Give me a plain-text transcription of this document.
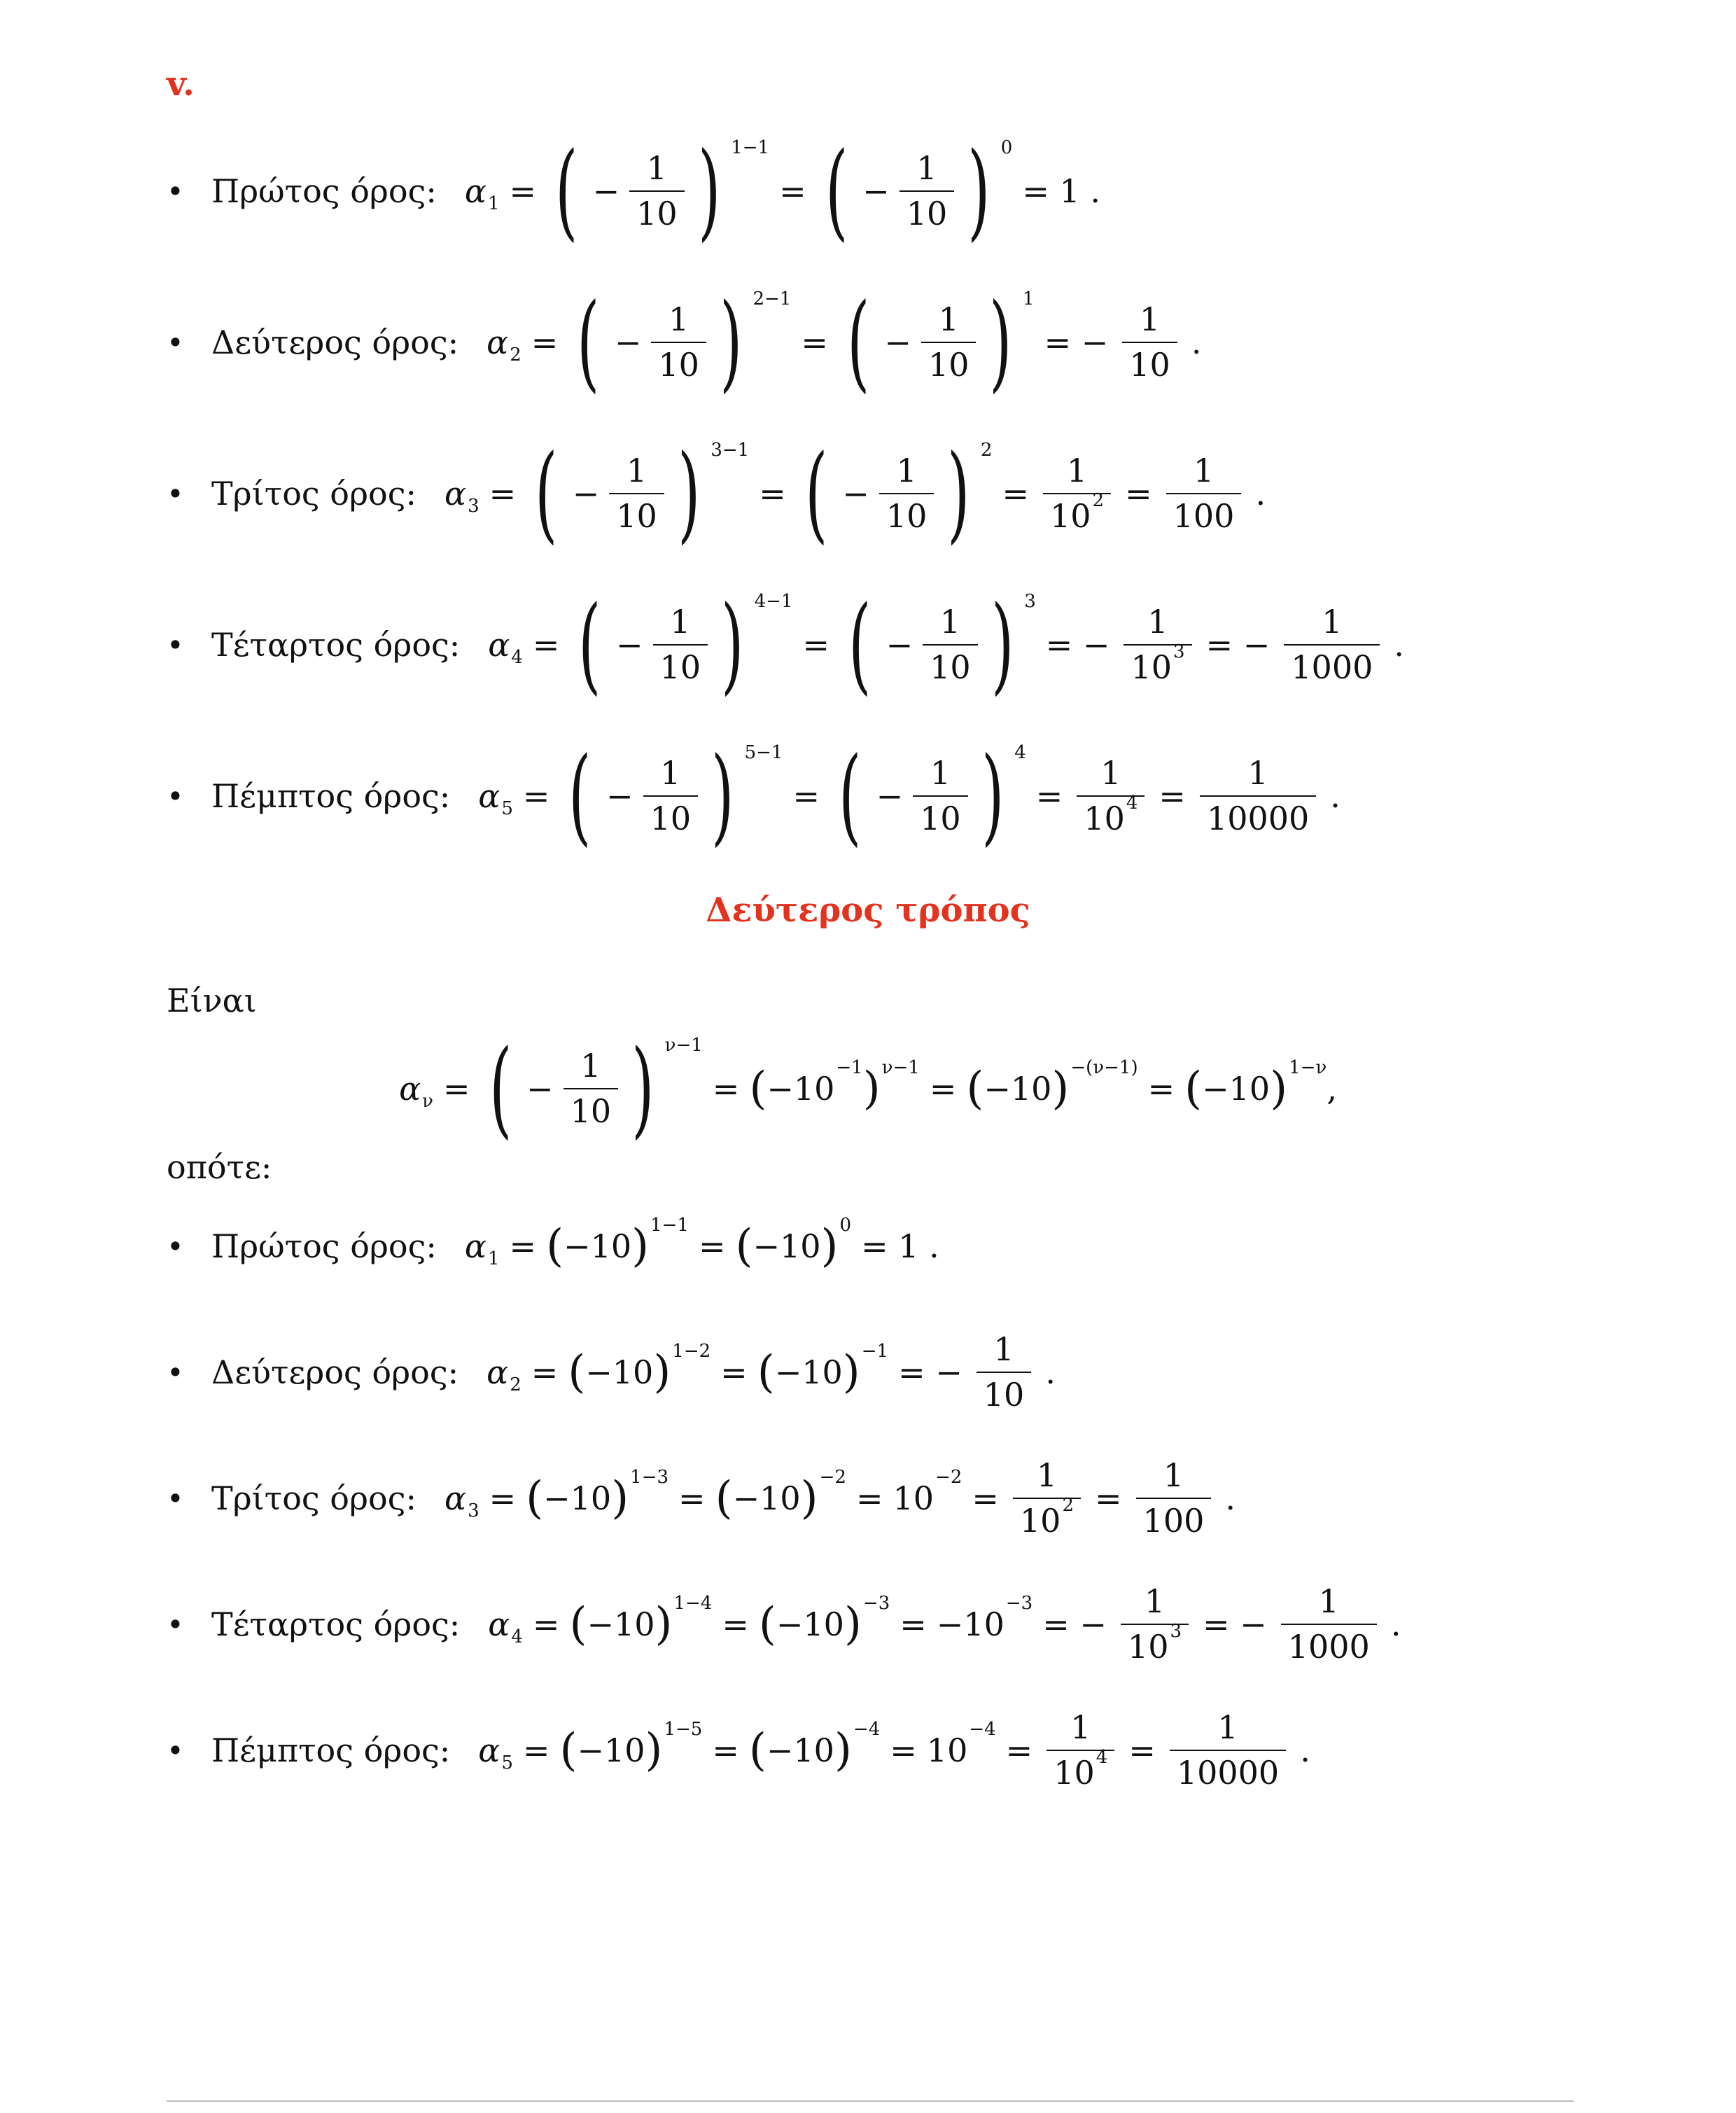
v.
• Πρώτος όρος: α 1 = ( − $\frac{1}{10}$ ) 1−1
= ( − $\frac{1}{10}$ ) 0
= 1 .
• Δεύτερος όρος: α 2 = ( − $\frac{1}{10}$ ) 2−1
= ( − $\frac{1}{10}$ ) 1
= − $\frac{1}{10}$ .
• Τρίτος όρος: α 3 = ( − $\frac{1}{10}$ ) 3−1
= ( − $\frac{1}{10}$ ) 2
= $\frac{1}{10^2} = \frac{1}{100}$ .
• Τέταρτος όρος: α 4 = ( − $\frac{1}{10}$ ) 4−1
= ( − $\frac{1}{10}$ ) 3
= − $\frac{1}{10^3}$ = − $\frac{1}{1000}$ .
• Πέμπτος όρος: α 5 = ( − $\frac{1}{10}$ ) 5−1
= ( − $\frac{1}{10}$ ) 4
= $\frac{1}{10^4} = \frac{1}{10000}$ .
Δεύτερος τρόπος
Είναι
α ν = ( − $\frac{1}{10}$ ) ν−1
= ( −10
−1 ) ν−1
= ( −10 ) −(ν−1)
= ( −10 ) 1−ν
,
οπότε:
• Πρώτος όρος: α 1 = ( −10 ) 1−1
= ( −10 ) 0
= 1 .
• Δεύτερος όρος: α 2 = ( −10 ) 1−2
= ( −10 ) −1
= − $\frac{1}{10}$ .
• Τρίτος όρος: α 3 = ( −10 ) 1−3
= ( −10 ) −2
= 10
−2
= $\frac{1}{10^2} = \frac{1}{100}$ .
• Τέταρτος όρος: α 4 = ( −10 ) 1−4
= ( −10 ) −3
= −10
−3
= − $\frac{1}{10^3}$ = − $\frac{1}{1000}$ .
• Πέμπτος όρος: α 5 = ( −10 ) 1−5
= ( −10 ) −4
= 10
−4
= $\frac{1}{10^4} = \frac{1}{10000}$ .
